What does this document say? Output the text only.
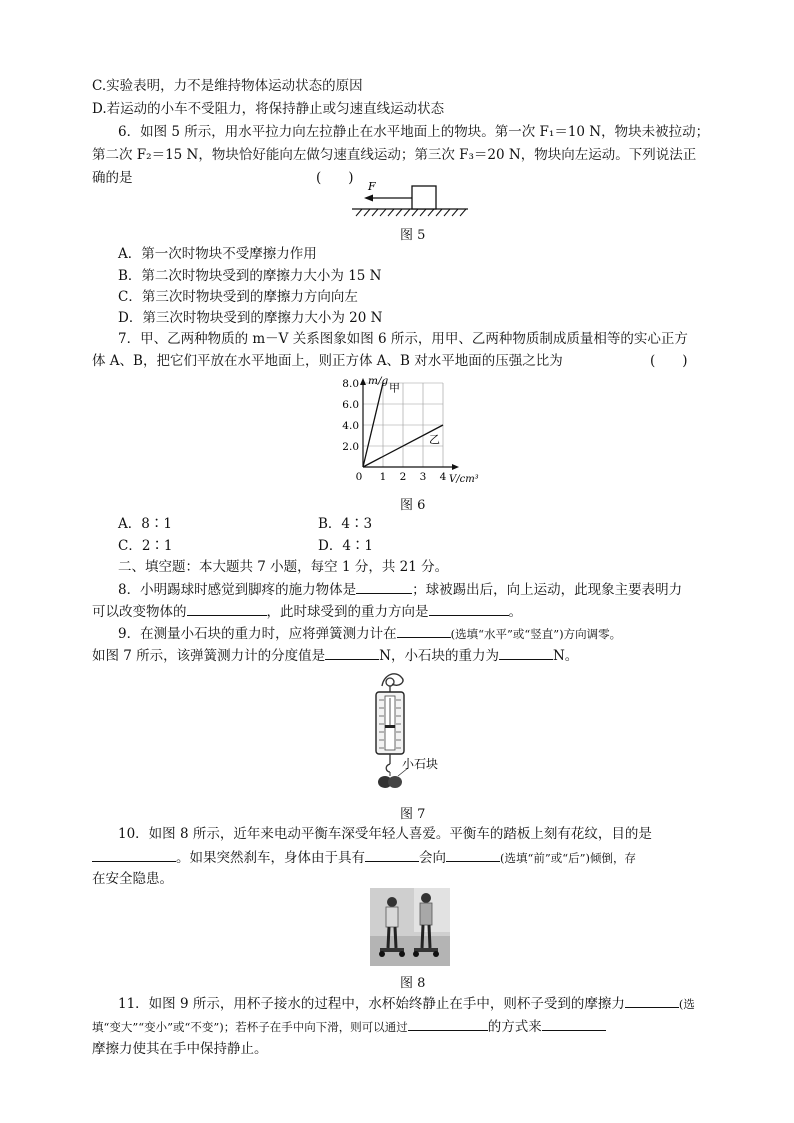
C.实验表明，力不是维持物体运动状态的原因
D.若运动的小车不受阻力，将保持静止或匀速直线运动状态
6．如图 5 所示，用水平拉力向左拉静止在水平地面上的物块。第一次 F₁＝10 N，物块未被拉动；
第二次 F₂＝15 N，物块恰好能向左做匀速直线运动；第三次 F₃＝20 N，物块向左运动。下列说法正
确的是	(　　)
F
图 5
A．第一次时物块不受摩擦力作用
B．第二次时物块受到的摩擦力大小为 15 N
C．第三次时物块受到的摩擦力方向向左
D．第三次时物块受到的摩擦力大小为 20 N
7．甲、乙两种物质的 m－V 关系图象如图 6 所示，用甲、乙两种物质制成质量相等的实心正方
体 A、B，把它们平放在水平地面上，则正方体 A、B 对水平地面的压强之比为	(　　)
8.0
6.0
4.0
2.0
0 1 2 3 4
甲
乙
m/g
V/cm³
图 6
A．8∶1	B．4∶3
C．2∶1	D．4∶1
二、填空题：本大题共 7 小题，每空 1 分，共 21 分。
8．小明踢球时感觉到脚疼的施力物体是	；球被踢出后，向上运动，此现象主要表明力
可以改变物体的	，此时球受到的重力方向是	。
9．在测量小石块的重力时，应将弹簧测力计在	(选填“水平”或“竖直”)方向调零。
如图 7 所示，该弹簧测力计的分度值是	N，小石块的重力为	N。
小石块
图 7
10．如图 8 所示，近年来电动平衡车深受年轻人喜爱。平衡车的踏板上刻有花纹，目的是
。如果突然刹车，身体由于具有	会向	(选填“前”或“后”)倾倒，存
在安全隐患。
图 8
11．如图 9 所示，用杯子接水的过程中，水杯始终静止在手中，则杯子受到的摩擦力	(选
填“变大”“变小”或“不变”)；若杯子在手中向下滑，则可以通过	的方式来
摩擦力使其在手中保持静止。
